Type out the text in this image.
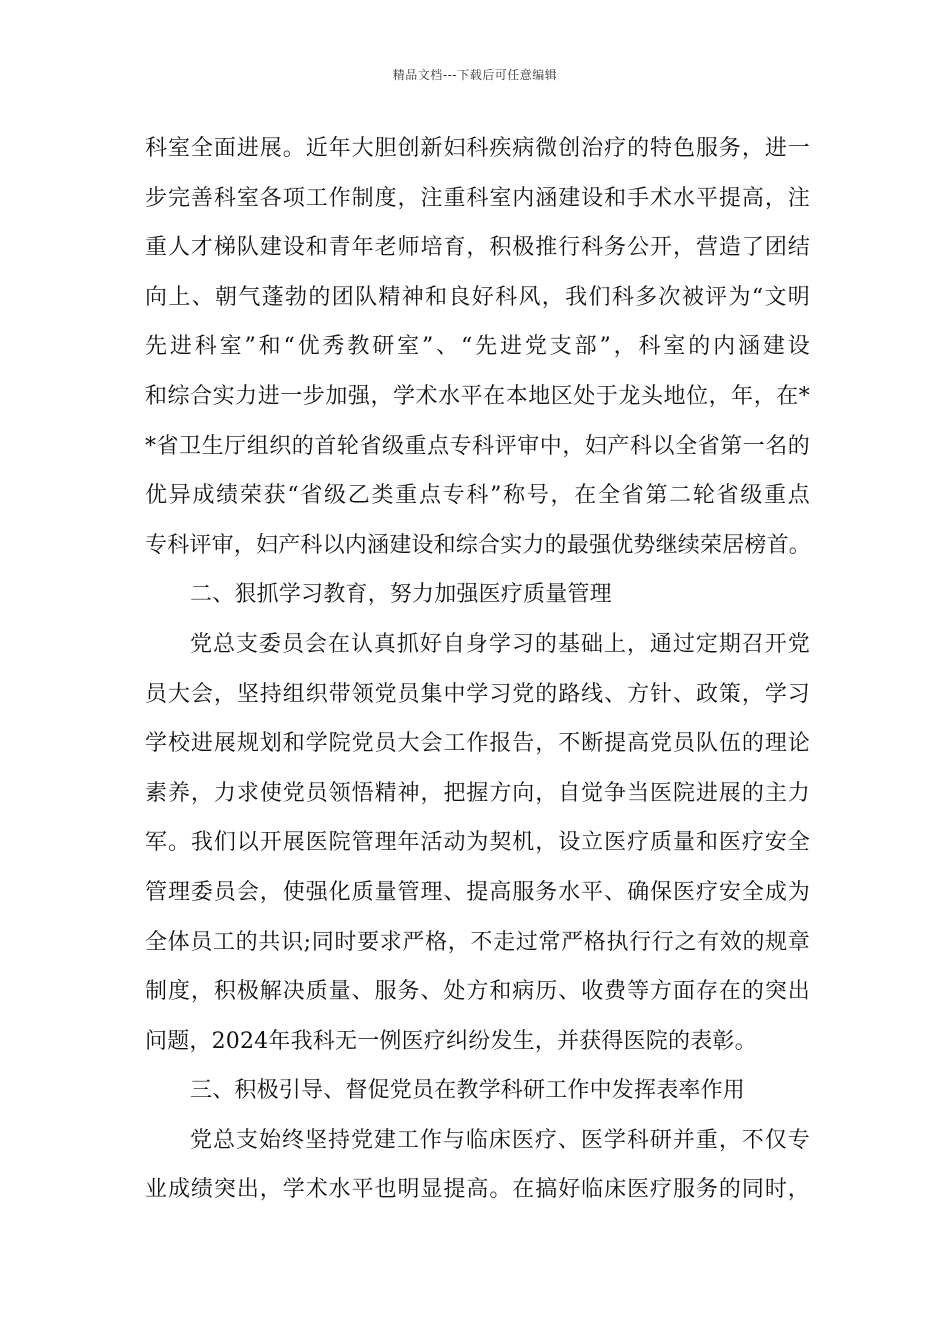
精品文档---下载后可任意编辑
科室全面进展。近年大胆创新妇科疾病微创治疗的特色服务，进一
步完善科室各项工作制度，注重科室内涵建设和手术水平提高，注
重人才梯队建设和青年老师培育，积极推行科务公开，营造了团结
向上、朝气蓬勃的团队精神和良好科风，我们科多次被评为“文明
先进科室”和“优秀教研室”、“先进党支部”，科室的内涵建设
和综合实力进一步加强，学术水平在本地区处于龙头地位，年，在*
*省卫生厅组织的首轮省级重点专科评审中，妇产科以全省第一名的
优异成绩荣获“省级乙类重点专科”称号，在全省第二轮省级重点
专科评审，妇产科以内涵建设和综合实力的最强优势继续荣居榜首。
二、狠抓学习教育，努力加强医疗质量管理
党总支委员会在认真抓好自身学习的基础上，通过定期召开党
员大会，坚持组织带领党员集中学习党的路线、方针、政策，学习
学校进展规划和学院党员大会工作报告，不断提高党员队伍的理论
素养，力求使党员领悟精神，把握方向，自觉争当医院进展的主力
军。我们以开展医院管理年活动为契机，设立医疗质量和医疗安全
管理委员会，使强化质量管理、提高服务水平、确保医疗安全成为
全体员工的共识;同时要求严格，不走过常严格执行行之有效的规章
制度，积极解决质量、服务、处方和病历、收费等方面存在的突出
问题，2024年我科无一例医疗纠纷发生，并获得医院的表彰。
三、积极引导、督促党员在教学科研工作中发挥表率作用
党总支始终坚持党建工作与临床医疗、医学科研并重，不仅专
业成绩突出，学术水平也明显提高。在搞好临床医疗服务的同时，
